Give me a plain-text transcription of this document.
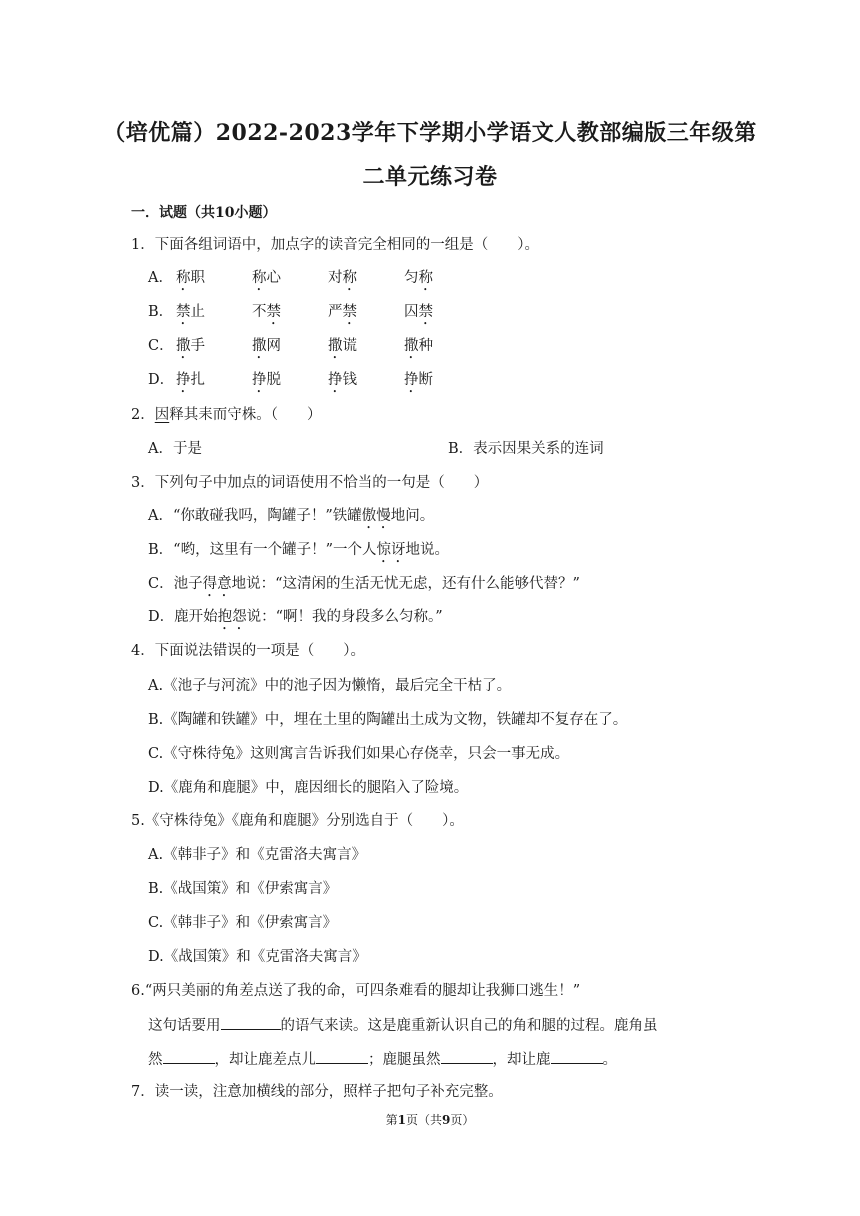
（培优篇）2022-2023学年下学期小学语文人教部编版三年级第
二单元练习卷
一．试题（共10小题）
1．下面各组词语中，加点字的读音完全相同的一组是（　　）。
A． 称职	称心	对称	匀称
B． 禁止	不禁	严禁	囚禁
C． 撒手	撒网	撒谎	撒种
D． 挣扎	挣脱	挣钱	挣断
2．因释其耒而守株。（　　）
A．于是	B．表示因果关系的连词
3．下列句子中加点的词语使用不恰当的一句是（　　）
A．“你敢碰我吗，陶罐子！”铁罐傲慢地问。
B．“哟，这里有一个罐子！”一个人惊讶地说。
C．池子得意地说：“这清闲的生活无忧无虑，还有什么能够代替？”
D．鹿开始抱怨说：“啊！我的身段多么匀称。”
4．下面说法错误的一项是（　　）。
A.《池子与河流》中的池子因为懒惰，最后完全干枯了。
B.《陶罐和铁罐》中，埋在土里的陶罐出土成为文物，铁罐却不复存在了。
C.《守株待兔》这则寓言告诉我们如果心存侥幸，只会一事无成。
D.《鹿角和鹿腿》中，鹿因细长的腿陷入了险境。
5.《守株待兔》《鹿角和鹿腿》分别选自于（　　）。
A.《韩非子》和《克雷洛夫寓言》
B.《战国策》和《伊索寓言》
C.《韩非子》和《伊索寓言》
D.《战国策》和《克雷洛夫寓言》
6.“两只美丽的角差点送了我的命，可四条难看的腿却让我狮口逃生！”
这句话要用	的语气来读。这是鹿重新认识自己的角和腿的过程。鹿角虽
然	，却让鹿差点儿	；鹿腿虽然	，却让鹿	。
7．读一读，注意加横线的部分，照样子把句子补充完整。
第1页（共9页）
